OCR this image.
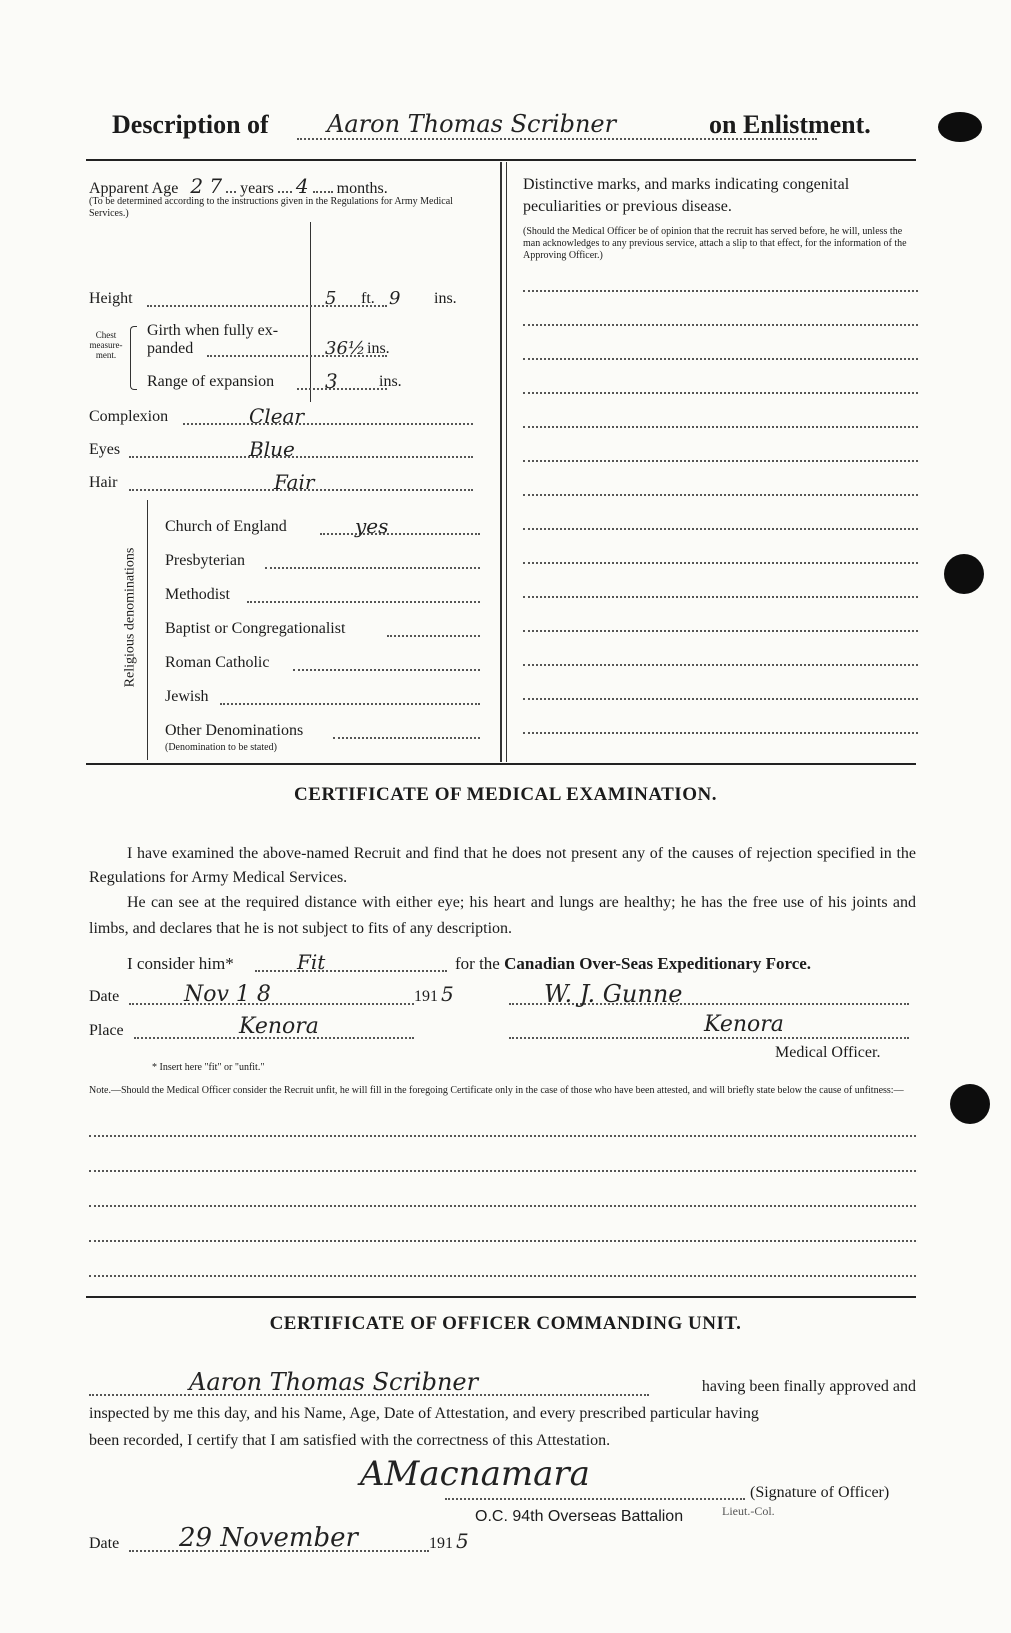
Description of Aaron Thomas Scribner	on Enlistment.
Apparent Age 2 7 years 4 months.
(To be determined according to the instructions given in the Regulations for Army Medical Services.)
Height	5 ft. 9 ins.
Chest measure-ment.
Girth when fully ex-
panded	36½ ins.
Range of expansion	3	ins.
Complexion	Clear
Eyes	Blue
Hair	Fair
Religious denominations
Church of England	yes
Presbyterian
Methodist
Baptist or Congregationalist
Roman Catholic
Jewish
Other Denominations
(Denomination to be stated)
Distinctive marks, and marks indicating congenital peculiarities or previous disease.
(Should the Medical Officer be of opinion that the recruit has served before, he will, unless the man acknowledges to any previous service, attach a slip to that effect, for the information of the Approving Officer.)
CERTIFICATE OF MEDICAL EXAMINATION.
I have examined the above-named Recruit and find that he does not present any of the causes of rejection specified in the Regulations for Army Medical Services.
He can see at the required distance with either eye; his heart and lungs are healthy; he has the free use of his joints and limbs, and declares that he is not subject to fits of any description.
I consider him*	Fit	for the Canadian Over-Seas Expeditionary Force.
Date	Nov 1 8	191 5	W. J. Gunne
Place	Kenora	Kenora
Medical Officer.
* Insert here "fit" or "unfit."
Note.—Should the Medical Officer consider the Recruit unfit, he will fill in the foregoing Certificate only in the case of those who have been attested, and will briefly state below the cause of unfitness:—
CERTIFICATE OF OFFICER COMMANDING UNIT.
Aaron Thomas Scribner	having been finally approved and
inspected by me this day, and his Name, Age, Date of Attestation, and every prescribed particular having
been recorded, I certify that I am satisfied with the correctness of this Attestation.
AMacnamara	(Signature of Officer)
Lieut.-Col.
O.C. 94th Overseas Battalion
Date 29 November	191 5
